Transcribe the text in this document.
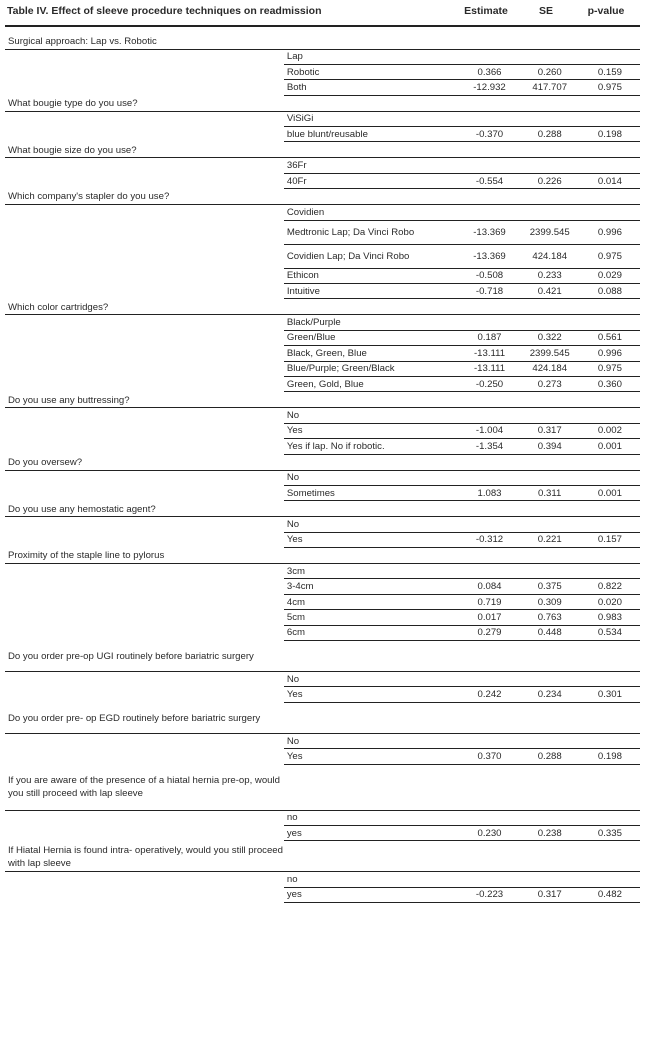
Table IV. Effect of sleeve procedure techniques on readmission	Estimate	SE	p-value
Surgical approach: Lap vs. Robotic				
	Lap			
	Robotic	0.366	0.260	0.159
	Both	-12.932	417.707	0.975
What bougie type do you use?				
	ViSiGi			
	blue blunt/reusable	-0.370	0.288	0.198
What bougie size do you use?				
	36Fr			
	40Fr	-0.554	0.226	0.014
Which company's stapler do you use?				
	Covidien			
	Medtronic Lap; Da Vinci Robo	-13.369	2399.545	0.996
	Covidien Lap; Da Vinci Robo	-13.369	424.184	0.975
	Ethicon	-0.508	0.233	0.029
	Intuitive	-0.718	0.421	0.088
Which color cartridges?				
	Black/Purple			
	Green/Blue	0.187	0.322	0.561
	Black, Green, Blue	-13.111	2399.545	0.996
	Blue/Purple; Green/Black	-13.111	424.184	0.975
	Green, Gold, Blue	-0.250	0.273	0.360
Do you use any buttressing?				
	No			
	Yes	-1.004	0.317	0.002
	Yes if lap. No if robotic.	-1.354	0.394	0.001
Do you oversew?				
	No			
	Sometimes	1.083	0.311	0.001
Do you use any hemostatic agent?				
	No			
	Yes	-0.312	0.221	0.157
Proximity of the staple line to pylorus				
	3cm			
	3-4cm	0.084	0.375	0.822
	4cm	0.719	0.309	0.020
	5cm	0.017	0.763	0.983
	6cm	0.279	0.448	0.534
Do you order pre-op UGI routinely before bariatric surgery				
	No			
	Yes	0.242	0.234	0.301
Do you order pre- op EGD routinely before bariatric surgery				
	No			
	Yes	0.370	0.288	0.198
If you are aware of the presence of a hiatal hernia pre-op, would you still proceed with lap sleeve				
	no			
	yes	0.230	0.238	0.335
If Hiatal Hernia is found intra- operatively, would you still proceed with lap sleeve				
	no			
	yes	-0.223	0.317	0.482
